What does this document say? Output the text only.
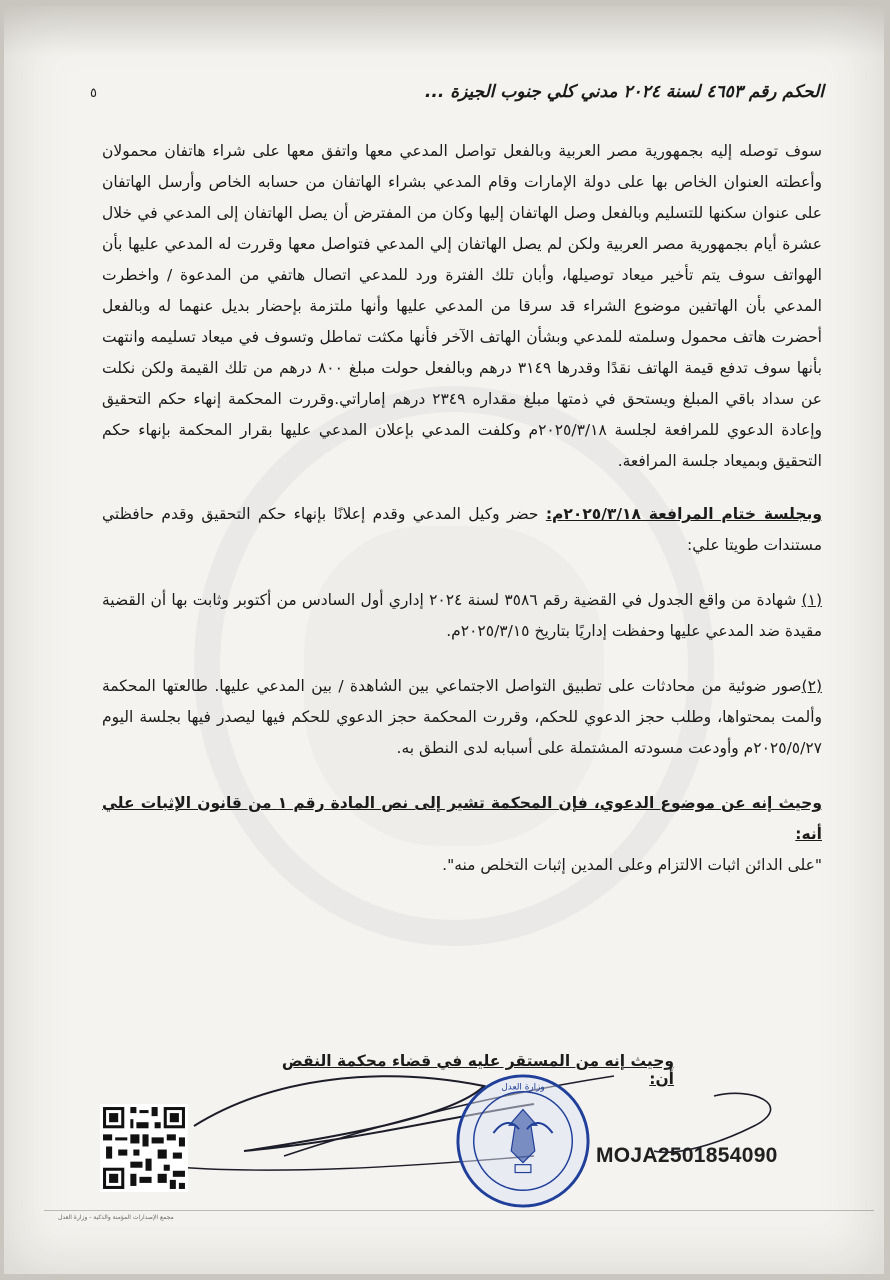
٥	الحكم رقم ٤٦٥٣ لسنة ٢٠٢٤ مدني كلي جنوب الجيزة ...

سوف توصله إليه بجمهورية مصر العربية وبالفعل تواصل المدعي معها واتفق معها على شراء هاتفان محمولان وأعطته العنوان الخاص بها على دولة الإمارات وقام المدعي بشراء الهاتفان من حسابه الخاص وأرسل الهاتفان على عنوان سكنها للتسليم وبالفعل وصل الهاتفان إليها وكان من المفترض أن يصل الهاتفان إلى المدعي في خلال عشرة أيام بجمهورية مصر العربية ولكن لم يصل الهاتفان إلي المدعي فتواصل معها وقررت له المدعي عليها بأن الهواتف سوف يتم تأخير ميعاد توصيلها، وأبان تلك الفترة ورد للمدعي اتصال هاتفي من المدعوة / واخطرت المدعي بأن الهاتفين موضوع الشراء قد سرقا من المدعي عليها وأنها ملتزمة بإحضار بديل عنهما له وبالفعل أحضرت هاتف محمول وسلمته للمدعي وبشأن الهاتف الآخر فأنها مكثت تماطل وتسوف في ميعاد تسليمه وانتهت بأنها سوف تدفع قيمة الهاتف نقدًا وقدرها ٣١٤٩ درهم وبالفعل حولت مبلغ ٨٠٠ درهم من تلك القيمة ولكن نكلت عن سداد باقي المبلغ ويستحق في ذمتها مبلغ مقداره ٢٣٤٩ درهم إماراتي.وقررت المحكمة إنهاء حكم التحقيق وإعادة الدعوي للمرافعة لجلسة ٢٠٢٥/٣/١٨م وكلفت المدعي بإعلان المدعي عليها بقرار المحكمة بإنهاء حكم التحقيق وبميعاد جلسة المرافعة.

وبجلسة ختام المرافعة ٢٠٢٥/٣/١٨م: حضر وكيل المدعي وقدم إعلانًا بإنهاء حكم التحقيق وقدم حافظتي مستندات طويتا علي:

(١) شهادة من واقع الجدول في القضية رقم ٣٥٨٦ لسنة ٢٠٢٤ إداري أول السادس من أكتوبر وثابت بها أن القضية مقيدة ضد المدعي عليها وحفظت إداريًا بتاريخ ٢٠٢٥/٣/١٥م.

(٢)صور ضوئية من محادثات على تطبيق التواصل الاجتماعي بين الشاهدة / بين المدعي عليها. طالعتها المحكمة وألمت بمحتواها، وطلب حجز الدعوي للحكم، وقررت المحكمة حجز الدعوي للحكم فيها ليصدر فيها بجلسة اليوم ٢٠٢٥/٥/٢٧م وأودعت مسودته المشتملة على أسبابه لدى النطق به.

وحيث إنه عن موضوع الدعوي، فإن المحكمة تشير إلى نص المادة رقم ١ من قانون الإثبات علي أنه:

"على الدائن اثبات الالتزام وعلى المدين إثبات التخلص منه".

وحيث إنه من المستقر عليه في قضاء محكمة النقض أن:
وزارة العدل
MOJA2501854090
مجمع الإصدارات المؤمنة والذكية - وزارة العدل
